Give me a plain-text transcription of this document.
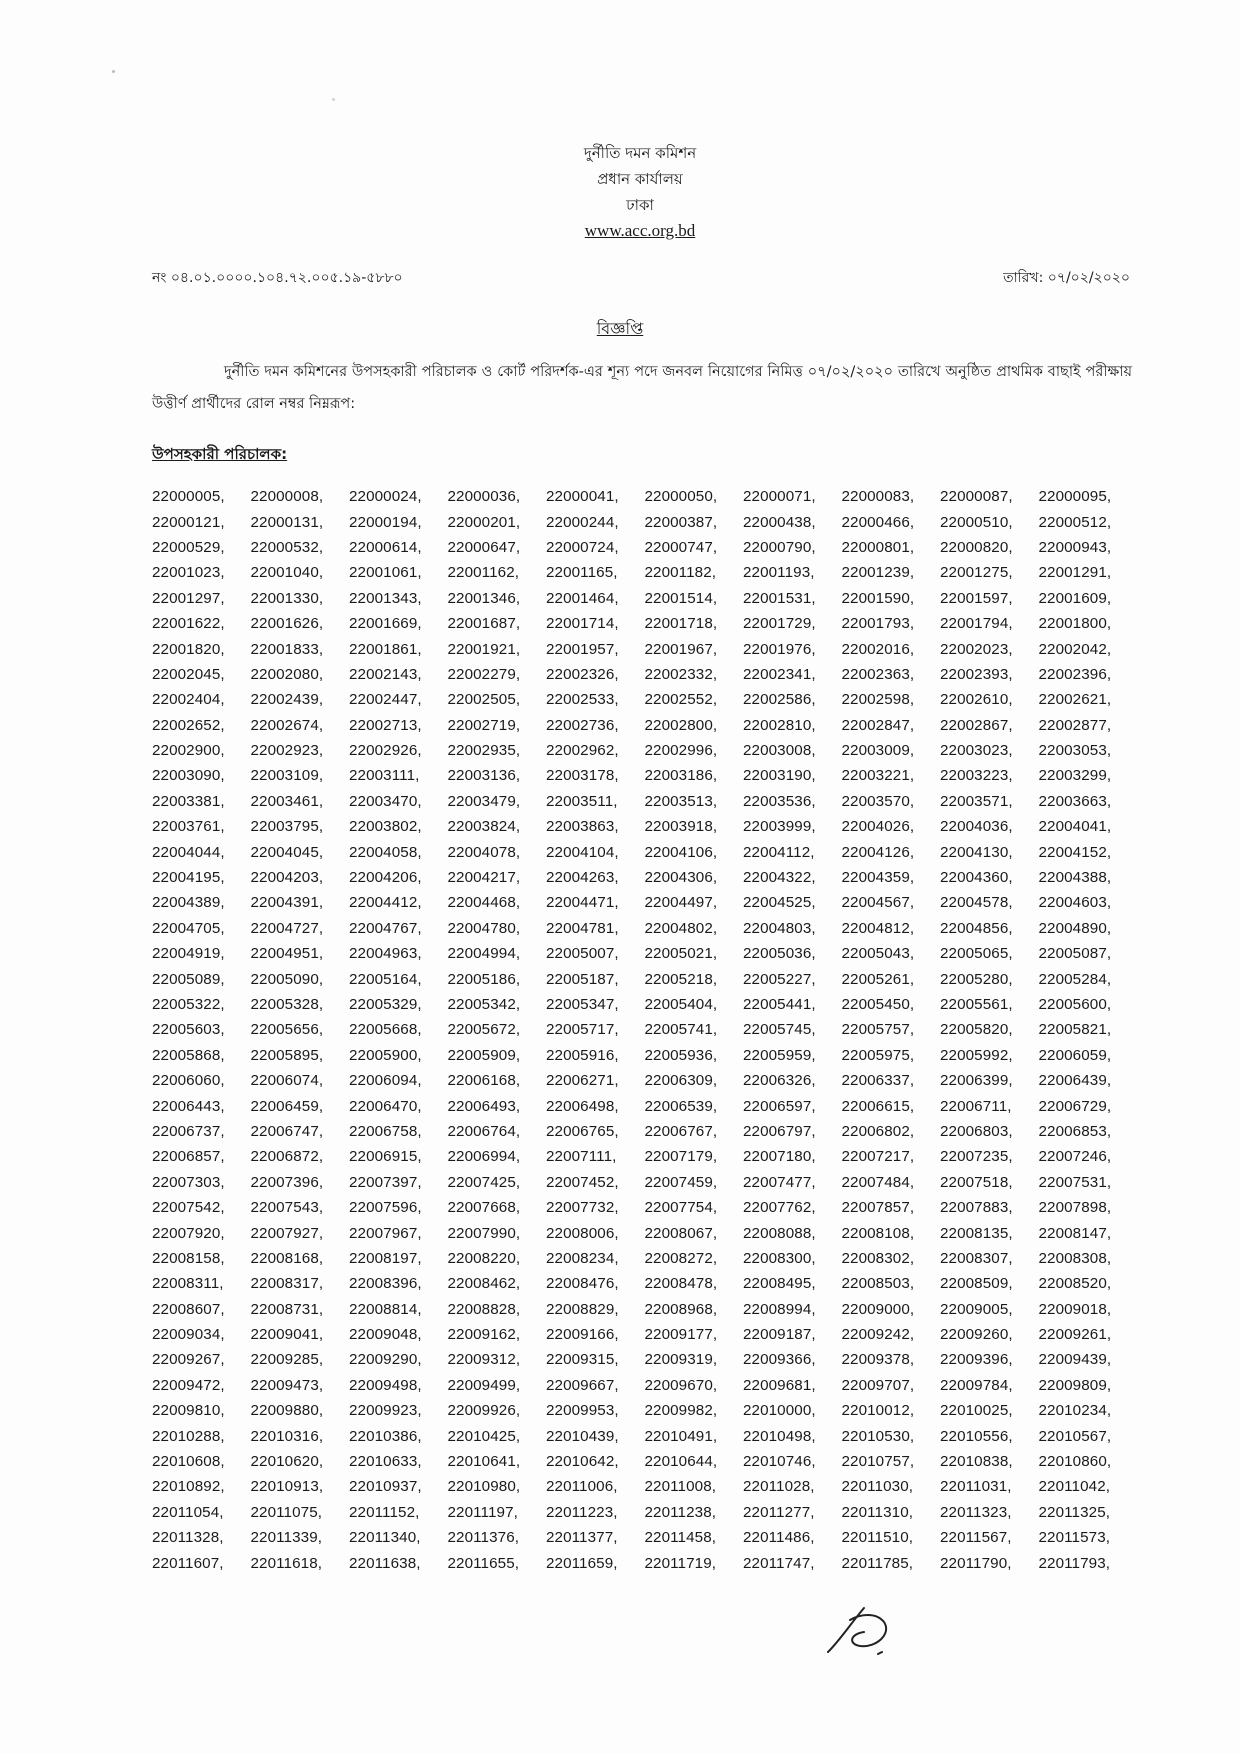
দুর্নীতি দমন কমিশন
প্রধান কার্যালয়
ঢাকা
www.acc.org.bd
নং ০৪.০১.০০০০.১০৪.৭২.০০৫.১৯-৫৮৮০	তারিখ: ০৭/০২/২০২০
বিজ্ঞপ্তি
দুর্নীতি দমন কমিশনের উপসহকারী পরিচালক ও কোর্ট পরিদর্শক-এর শূন্য পদে জনবল নিয়োগের নিমিত্ত ০৭/০২/২০২০ তারিখে অনুষ্ঠিত প্রাথমিক বাছাই পরীক্ষায় উত্তীর্ণ প্রার্থীদের রোল নম্বর নিম্নরূপ:
উপসহকারী পরিচালক:
22000005,	22000008,	22000024,	22000036,	22000041,	22000050,	22000071,	22000083,	22000087,	22000095,
22000121,	22000131,	22000194,	22000201,	22000244,	22000387,	22000438,	22000466,	22000510,	22000512,
22000529,	22000532,	22000614,	22000647,	22000724,	22000747,	22000790,	22000801,	22000820,	22000943,
22001023,	22001040,	22001061,	22001162,	22001165,	22001182,	22001193,	22001239,	22001275,	22001291,
22001297,	22001330,	22001343,	22001346,	22001464,	22001514,	22001531,	22001590,	22001597,	22001609,
22001622,	22001626,	22001669,	22001687,	22001714,	22001718,	22001729,	22001793,	22001794,	22001800,
22001820,	22001833,	22001861,	22001921,	22001957,	22001967,	22001976,	22002016,	22002023,	22002042,
22002045,	22002080,	22002143,	22002279,	22002326,	22002332,	22002341,	22002363,	22002393,	22002396,
22002404,	22002439,	22002447,	22002505,	22002533,	22002552,	22002586,	22002598,	22002610,	22002621,
22002652,	22002674,	22002713,	22002719,	22002736,	22002800,	22002810,	22002847,	22002867,	22002877,
22002900,	22002923,	22002926,	22002935,	22002962,	22002996,	22003008,	22003009,	22003023,	22003053,
22003090,	22003109,	22003111,	22003136,	22003178,	22003186,	22003190,	22003221,	22003223,	22003299,
22003381,	22003461,	22003470,	22003479,	22003511,	22003513,	22003536,	22003570,	22003571,	22003663,
22003761,	22003795,	22003802,	22003824,	22003863,	22003918,	22003999,	22004026,	22004036,	22004041,
22004044,	22004045,	22004058,	22004078,	22004104,	22004106,	22004112,	22004126,	22004130,	22004152,
22004195,	22004203,	22004206,	22004217,	22004263,	22004306,	22004322,	22004359,	22004360,	22004388,
22004389,	22004391,	22004412,	22004468,	22004471,	22004497,	22004525,	22004567,	22004578,	22004603,
22004705,	22004727,	22004767,	22004780,	22004781,	22004802,	22004803,	22004812,	22004856,	22004890,
22004919,	22004951,	22004963,	22004994,	22005007,	22005021,	22005036,	22005043,	22005065,	22005087,
22005089,	22005090,	22005164,	22005186,	22005187,	22005218,	22005227,	22005261,	22005280,	22005284,
22005322,	22005328,	22005329,	22005342,	22005347,	22005404,	22005441,	22005450,	22005561,	22005600,
22005603,	22005656,	22005668,	22005672,	22005717,	22005741,	22005745,	22005757,	22005820,	22005821,
22005868,	22005895,	22005900,	22005909,	22005916,	22005936,	22005959,	22005975,	22005992,	22006059,
22006060,	22006074,	22006094,	22006168,	22006271,	22006309,	22006326,	22006337,	22006399,	22006439,
22006443,	22006459,	22006470,	22006493,	22006498,	22006539,	22006597,	22006615,	22006711,	22006729,
22006737,	22006747,	22006758,	22006764,	22006765,	22006767,	22006797,	22006802,	22006803,	22006853,
22006857,	22006872,	22006915,	22006994,	22007111,	22007179,	22007180,	22007217,	22007235,	22007246,
22007303,	22007396,	22007397,	22007425,	22007452,	22007459,	22007477,	22007484,	22007518,	22007531,
22007542,	22007543,	22007596,	22007668,	22007732,	22007754,	22007762,	22007857,	22007883,	22007898,
22007920,	22007927,	22007967,	22007990,	22008006,	22008067,	22008088,	22008108,	22008135,	22008147,
22008158,	22008168,	22008197,	22008220,	22008234,	22008272,	22008300,	22008302,	22008307,	22008308,
22008311,	22008317,	22008396,	22008462,	22008476,	22008478,	22008495,	22008503,	22008509,	22008520,
22008607,	22008731,	22008814,	22008828,	22008829,	22008968,	22008994,	22009000,	22009005,	22009018,
22009034,	22009041,	22009048,	22009162,	22009166,	22009177,	22009187,	22009242,	22009260,	22009261,
22009267,	22009285,	22009290,	22009312,	22009315,	22009319,	22009366,	22009378,	22009396,	22009439,
22009472,	22009473,	22009498,	22009499,	22009667,	22009670,	22009681,	22009707,	22009784,	22009809,
22009810,	22009880,	22009923,	22009926,	22009953,	22009982,	22010000,	22010012,	22010025,	22010234,
22010288,	22010316,	22010386,	22010425,	22010439,	22010491,	22010498,	22010530,	22010556,	22010567,
22010608,	22010620,	22010633,	22010641,	22010642,	22010644,	22010746,	22010757,	22010838,	22010860,
22010892,	22010913,	22010937,	22010980,	22011006,	22011008,	22011028,	22011030,	22011031,	22011042,
22011054,	22011075,	22011152,	22011197,	22011223,	22011238,	22011277,	22011310,	22011323,	22011325,
22011328,	22011339,	22011340,	22011376,	22011377,	22011458,	22011486,	22011510,	22011567,	22011573,
22011607,	22011618,	22011638,	22011655,	22011659,	22011719,	22011747,	22011785,	22011790,	22011793,
